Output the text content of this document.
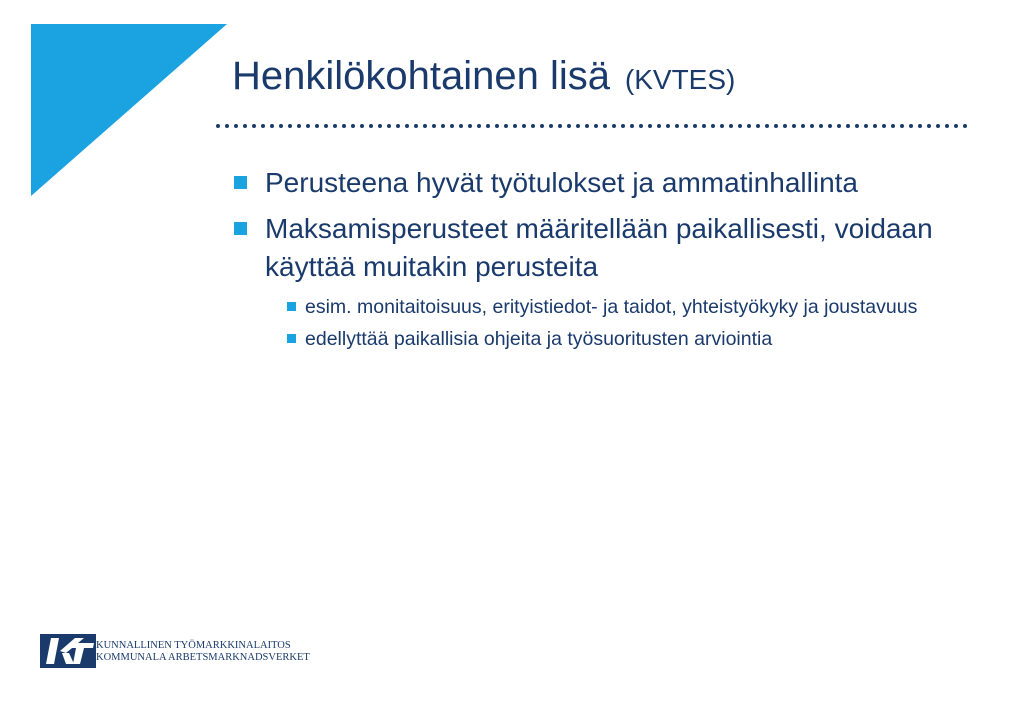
Henkilökohtainen lisä (KVTES)
Perusteena hyvät työtulokset ja ammatinhallinta
Maksamisperusteet määritellään paikallisesti, voidaan käyttää muitakin perusteita
esim. monitaitoisuus, erityistiedot- ja taidot, yhteistyökyky ja joustavuus
edellyttää paikallisia ohjeita ja työsuoritusten arviointia
KUNNALLINEN TYÖMARKKINALAITOS
KOMMUNALA ARBETSMARKNADSVERKET
